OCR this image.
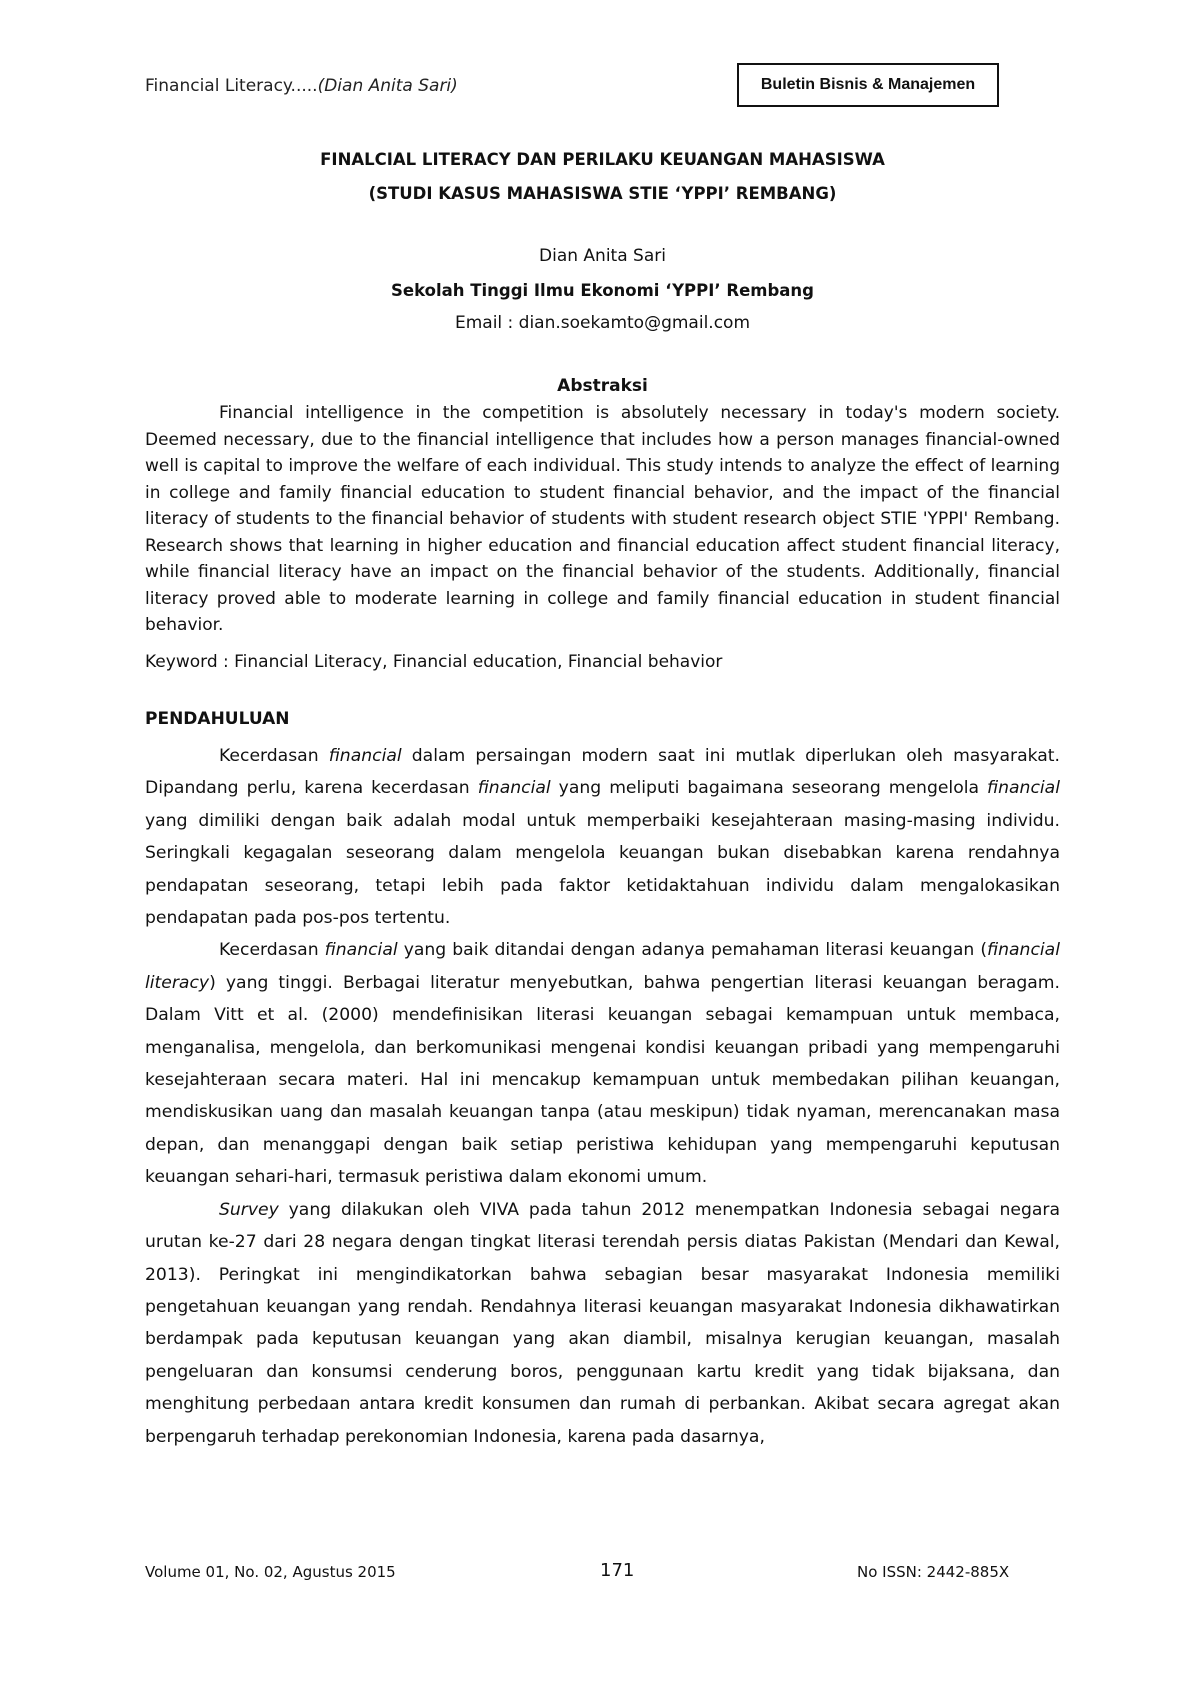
Financial Literacy.....(Dian Anita Sari)	Buletin Bisnis & Manajemen
FINALCIAL LITERACY DAN PERILAKU KEUANGAN MAHASISWA
(STUDI KASUS MAHASISWA STIE ‘YPPI’ REMBANG)
Dian Anita Sari
Sekolah Tinggi Ilmu Ekonomi ‘YPPI’ Rembang
Email : dian.soekamto@gmail.com
Abstraksi

Financial intelligence in the competition is absolutely necessary in today's modern society. Deemed necessary, due to the financial intelligence that includes how a person manages financial-owned well is capital to improve the welfare of each individual. This study intends to analyze the effect of learning in college and family financial education to student financial behavior, and the impact of the financial literacy of students to the financial behavior of students with student research object STIE 'YPPI' Rembang. Research shows that learning in higher education and financial education affect student financial literacy, while financial literacy have an impact on the financial behavior of the students. Additionally, financial literacy proved able to moderate learning in college and family financial education in student financial behavior.

Keyword : Financial Literacy, Financial education, Financial behavior
PENDAHULUAN

Kecerdasan financial dalam persaingan modern saat ini mutlak diperlukan oleh masyarakat. Dipandang perlu, karena kecerdasan financial yang meliputi bagaimana seseorang mengelola financial yang dimiliki dengan baik adalah modal untuk memperbaiki kesejahteraan masing-masing individu. Seringkali kegagalan seseorang dalam mengelola keuangan bukan disebabkan karena rendahnya pendapatan seseorang, tetapi lebih pada faktor ketidaktahuan individu dalam mengalokasikan pendapatan pada pos-pos tertentu.

Kecerdasan financial yang baik ditandai dengan adanya pemahaman literasi keuangan (financial literacy) yang tinggi. Berbagai literatur menyebutkan, bahwa pengertian literasi keuangan beragam. Dalam Vitt et al. (2000) mendefinisikan literasi keuangan sebagai kemampuan untuk membaca, menganalisa, mengelola, dan berkomunikasi mengenai kondisi keuangan pribadi yang mempengaruhi kesejahteraan secara materi. Hal ini mencakup kemampuan untuk membedakan pilihan keuangan, mendiskusikan uang dan masalah keuangan tanpa (atau meskipun) tidak nyaman, merencanakan masa depan, dan menanggapi dengan baik setiap peristiwa kehidupan yang mempengaruhi keputusan keuangan sehari-hari, termasuk peristiwa dalam ekonomi umum.

Survey yang dilakukan oleh VIVA pada tahun 2012 menempatkan Indonesia sebagai negara urutan ke-27 dari 28 negara dengan tingkat literasi terendah persis diatas Pakistan (Mendari dan Kewal, 2013). Peringkat ini mengindikatorkan bahwa sebagian besar masyarakat Indonesia memiliki pengetahuan keuangan yang rendah. Rendahnya literasi keuangan masyarakat Indonesia dikhawatirkan berdampak pada keputusan keuangan yang akan diambil, misalnya kerugian keuangan, masalah pengeluaran dan konsumsi cenderung boros, penggunaan kartu kredit yang tidak bijaksana, dan menghitung perbedaan antara kredit konsumen dan rumah di perbankan. Akibat secara agregat akan berpengaruh terhadap perekonomian Indonesia, karena pada dasarnya,

Volume 01, No. 02, Agustus 2015	171	No ISSN: 2442-885X
